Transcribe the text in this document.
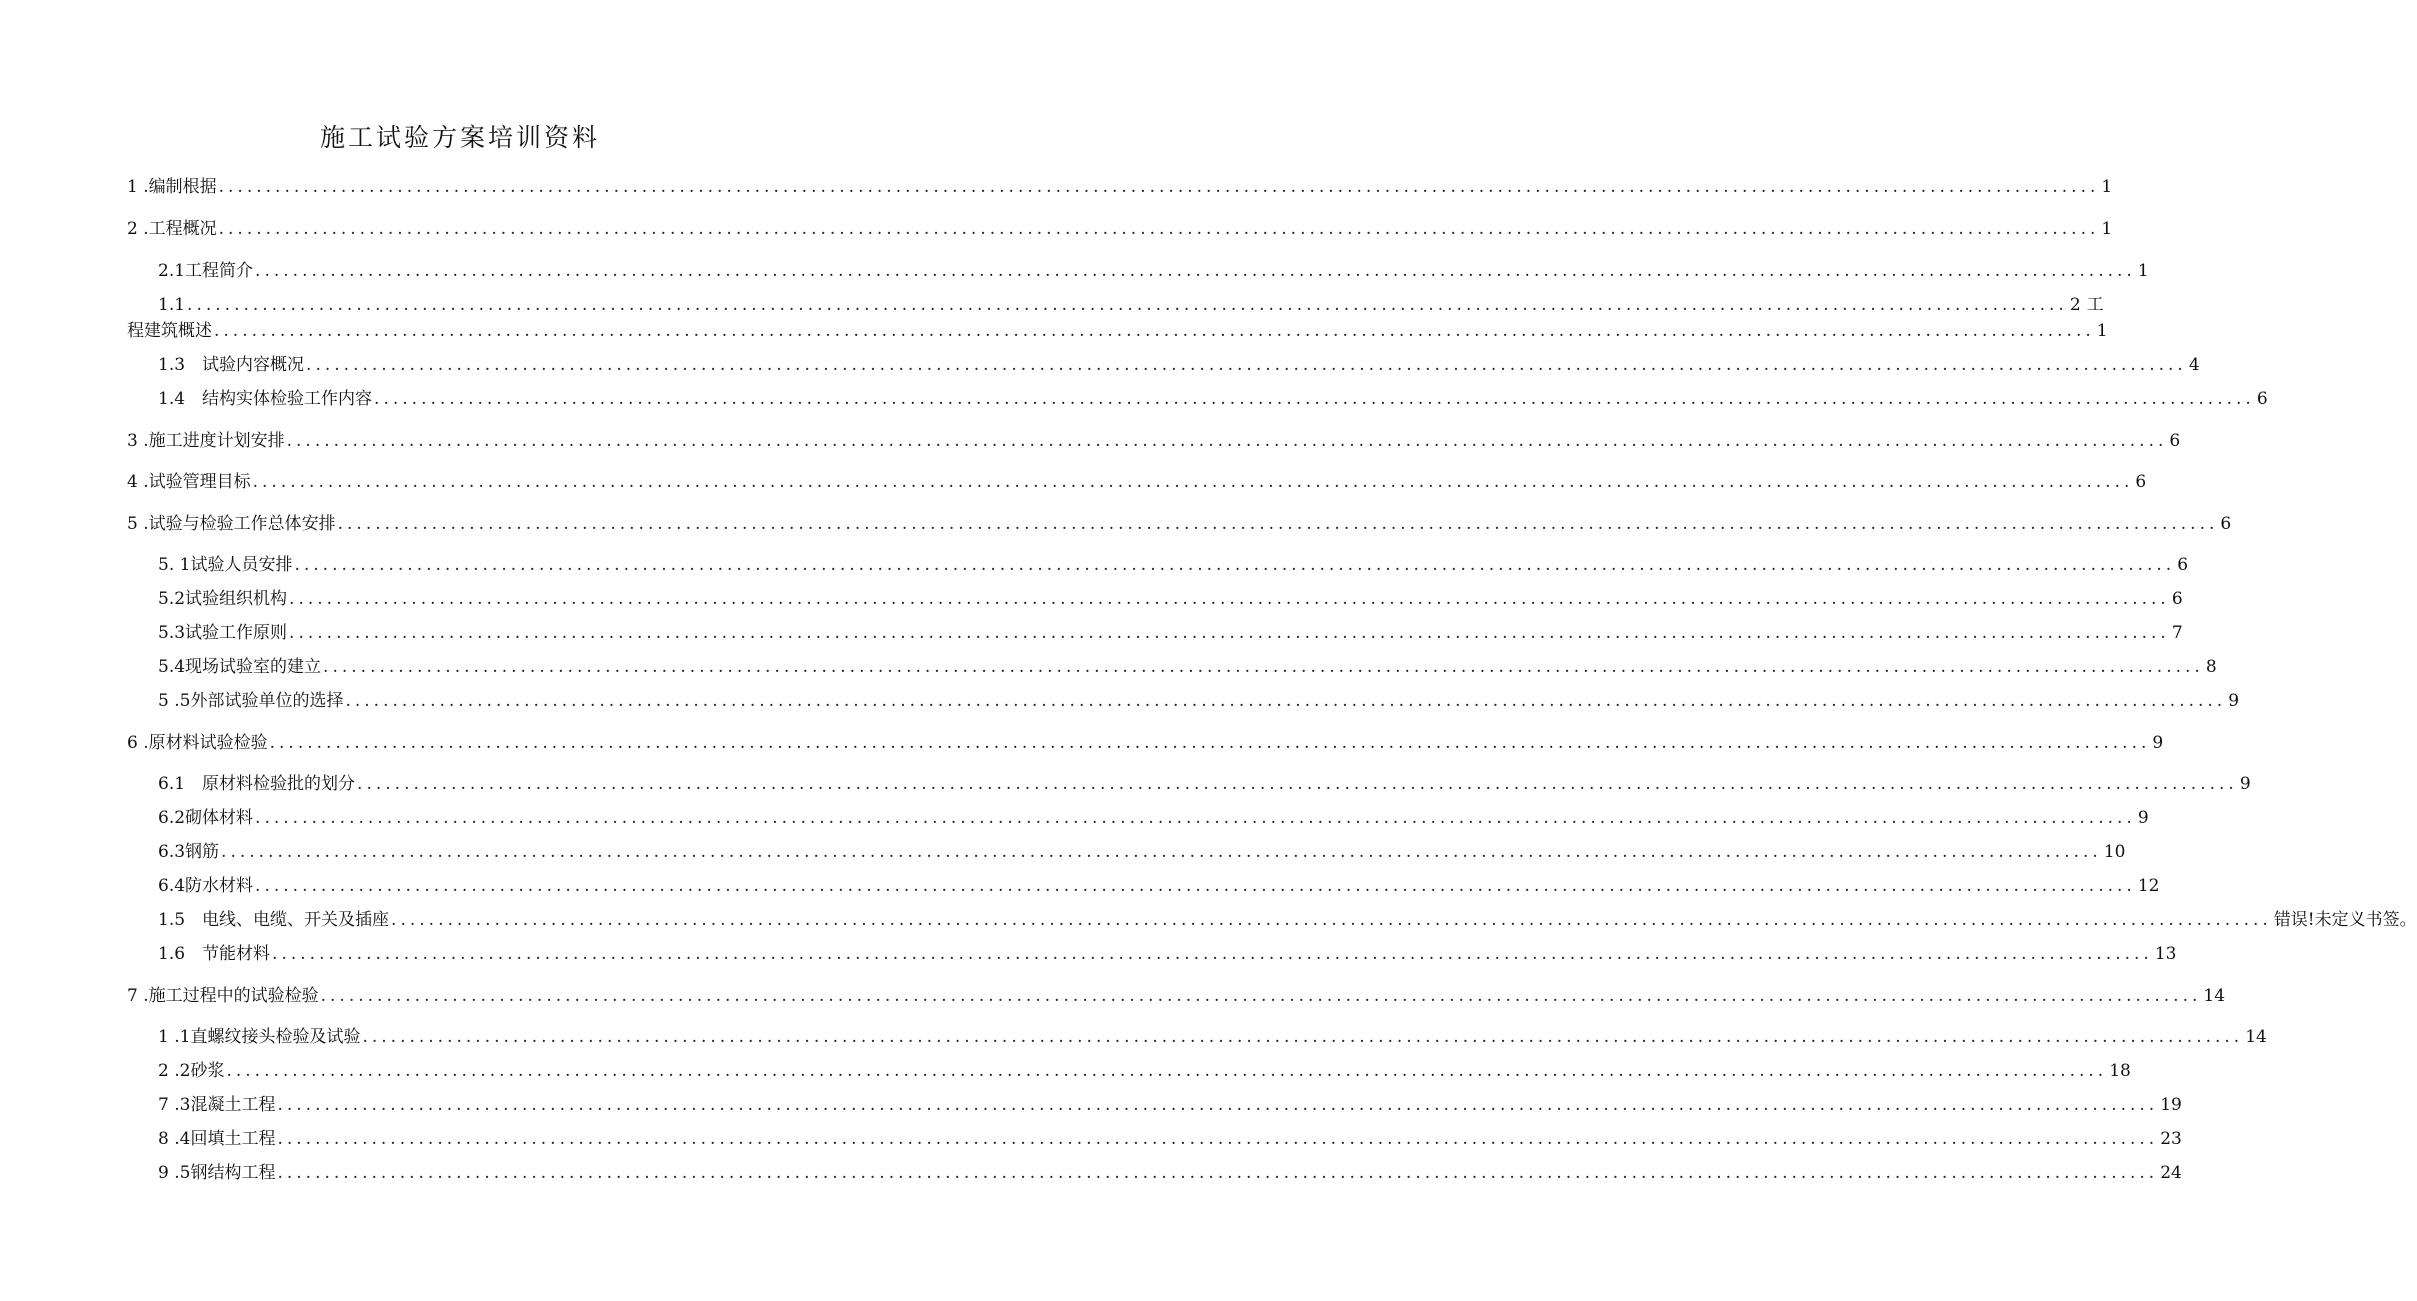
施工试验方案培训资料
1 .编制根据 ........................................................................................................................................................................................................ 1
2 .工程概况 ........................................................................................................................................................................................................ 1
2.1工程简介 ........................................................................................................................................................................................................ 1
1.1 ........................................................................................................................................................................................................ 2 工
程建筑概述 ........................................................................................................................................................................................................ 1
1.3　试验内容概况 ........................................................................................................................................................................................................ 4
1.4　结构实体检验工作内容 ........................................................................................................................................................................................................ 6
3 .施工进度计划安排 ........................................................................................................................................................................................................ 6
4 .试验管理目标 ........................................................................................................................................................................................................ 6
5 .试验与检验工作总体安排 ........................................................................................................................................................................................................ 6
5. 1试验人员安排 ........................................................................................................................................................................................................ 6
5.2试验组织机构 ........................................................................................................................................................................................................ 6
5.3试验工作原则 ........................................................................................................................................................................................................ 7
5.4现场试验室的建立 ........................................................................................................................................................................................................ 8
5 .5外部试验单位的选择 ........................................................................................................................................................................................................ 9
6 .原材料试验检验 ........................................................................................................................................................................................................ 9
6.1　原材料检验批的划分 ........................................................................................................................................................................................................ 9
6.2砌体材料 ........................................................................................................................................................................................................ 9
6.3钢筋 ........................................................................................................................................................................................................ 10
6.4防水材料 ........................................................................................................................................................................................................ 12
1.5　电线、电缆、开关及插座 ........................................................................................................................................................................................................ 错误!未定义书签。
1.6　节能材料 ........................................................................................................................................................................................................ 13
7 .施工过程中的试验检验 ........................................................................................................................................................................................................ 14
1 .1直螺纹接头检验及试验 ........................................................................................................................................................................................................ 14
2 .2砂浆 ........................................................................................................................................................................................................ 18
7 .3混凝土工程 ........................................................................................................................................................................................................ 19
8 .4回填土工程 ........................................................................................................................................................................................................ 23
9 .5钢结构工程 ........................................................................................................................................................................................................ 24
